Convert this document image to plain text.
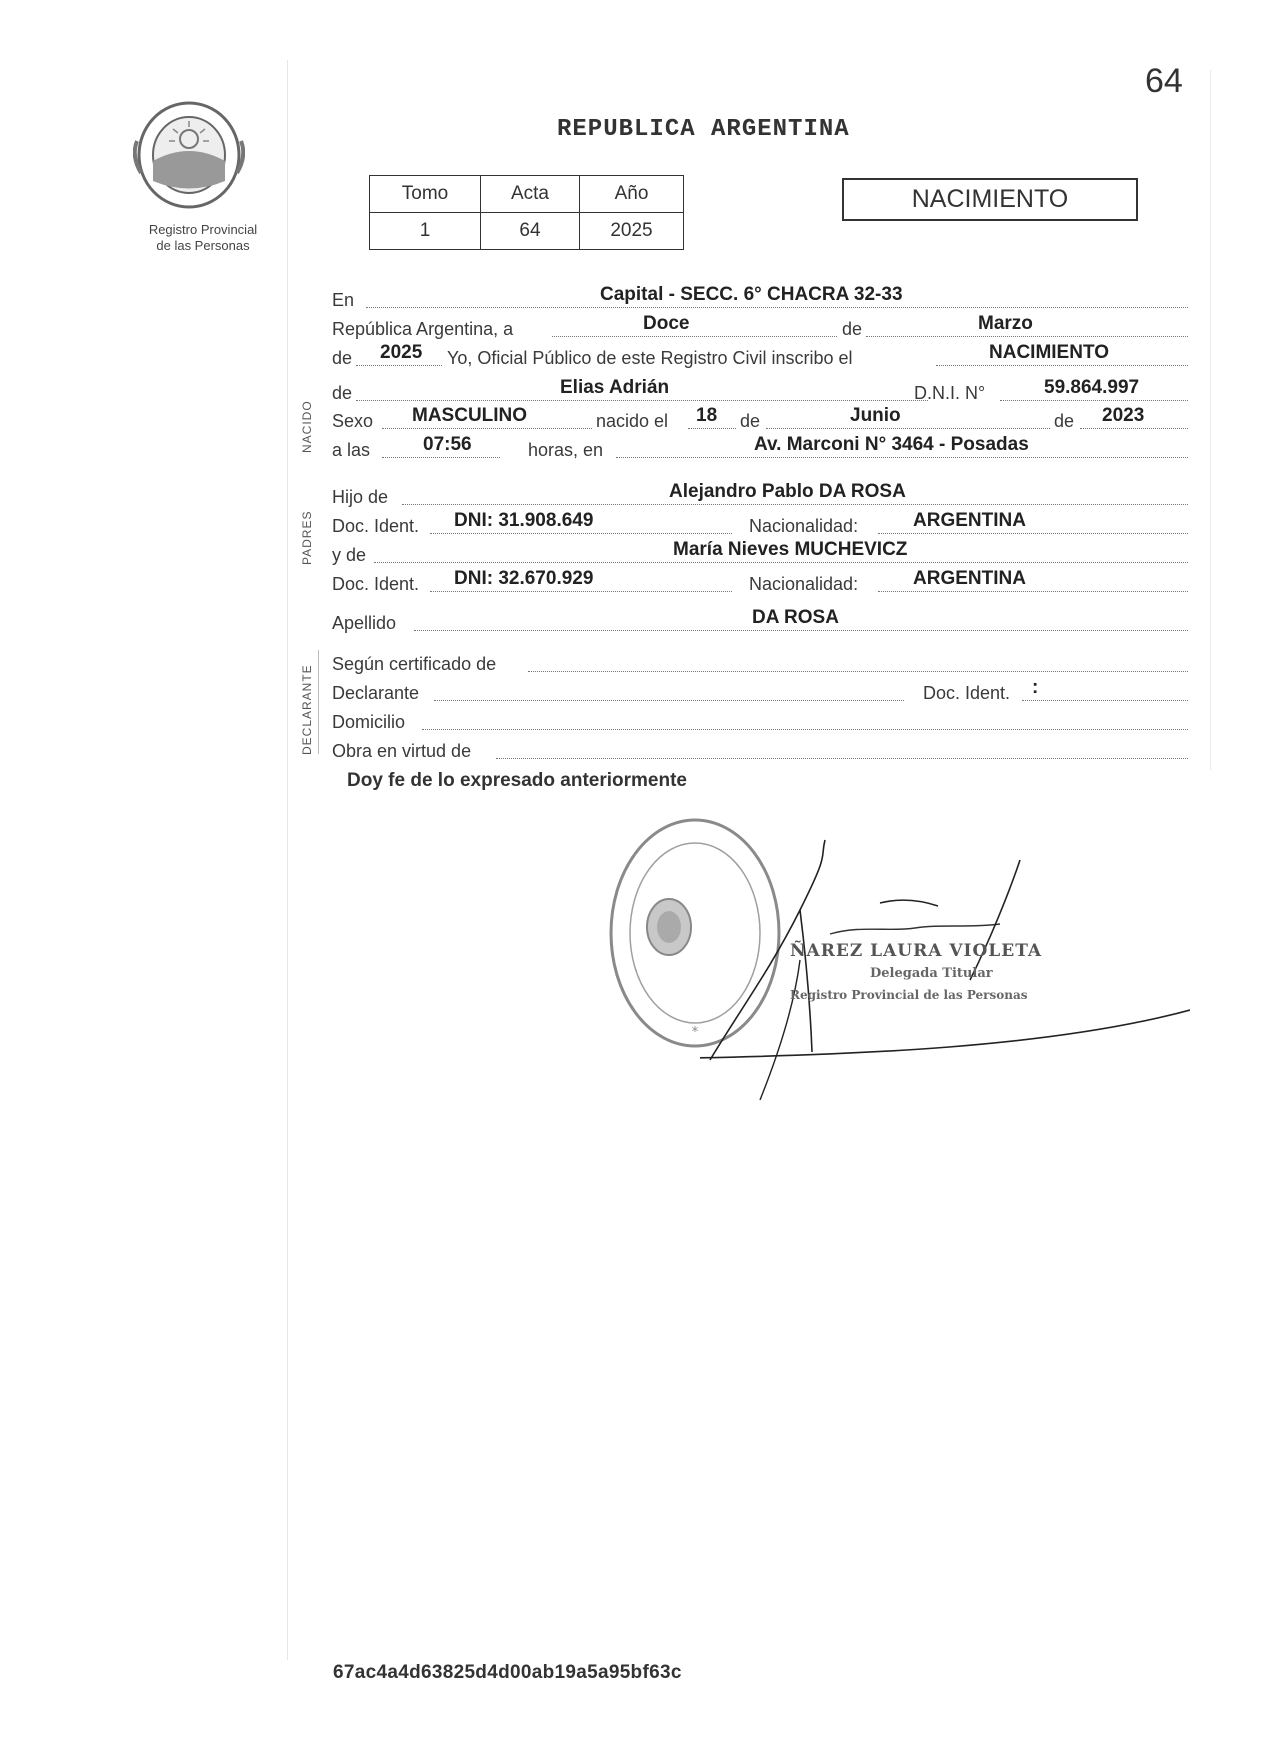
64
Registro Provincial
de las Personas
REPUBLICA ARGENTINA
Tomo	Acta	Año
1	64	2025
NACIMIENTO
NACIDO
PADRES
DECLARANTE
En	Capital - SECC. 6° CHACRA 32-33
República Argentina, a	Doce	de	Marzo
de 2025 Yo, Oficial Público de este Registro Civil inscribo el	NACIMIENTO
de	Elias Adrián	D.N.I. N°	59.864.997
Sexo MASCULINO	nacido el 18 de	Junio	de 2023
a las	07:56	horas, en	Av. Marconi N° 3464 - Posadas
Hijo de	Alejandro Pablo DA ROSA
Doc. Ident. DNI: 31.908.649	Nacionalidad:	ARGENTINA
y de	María Nieves MUCHEVICZ
Doc. Ident. DNI: 32.670.929	Nacionalidad:	ARGENTINA
Apellido	DA ROSA
Según certificado de
Declarante	Doc. Ident. :
Domicilio
Obra en virtud de
Doy fe de lo expresado anteriormente
*
ÑAREZ LAURA VIOLETA
Delegada Titular
Registro Provincial de las Personas
67ac4a4d63825d4d00ab19a5a95bf63c
